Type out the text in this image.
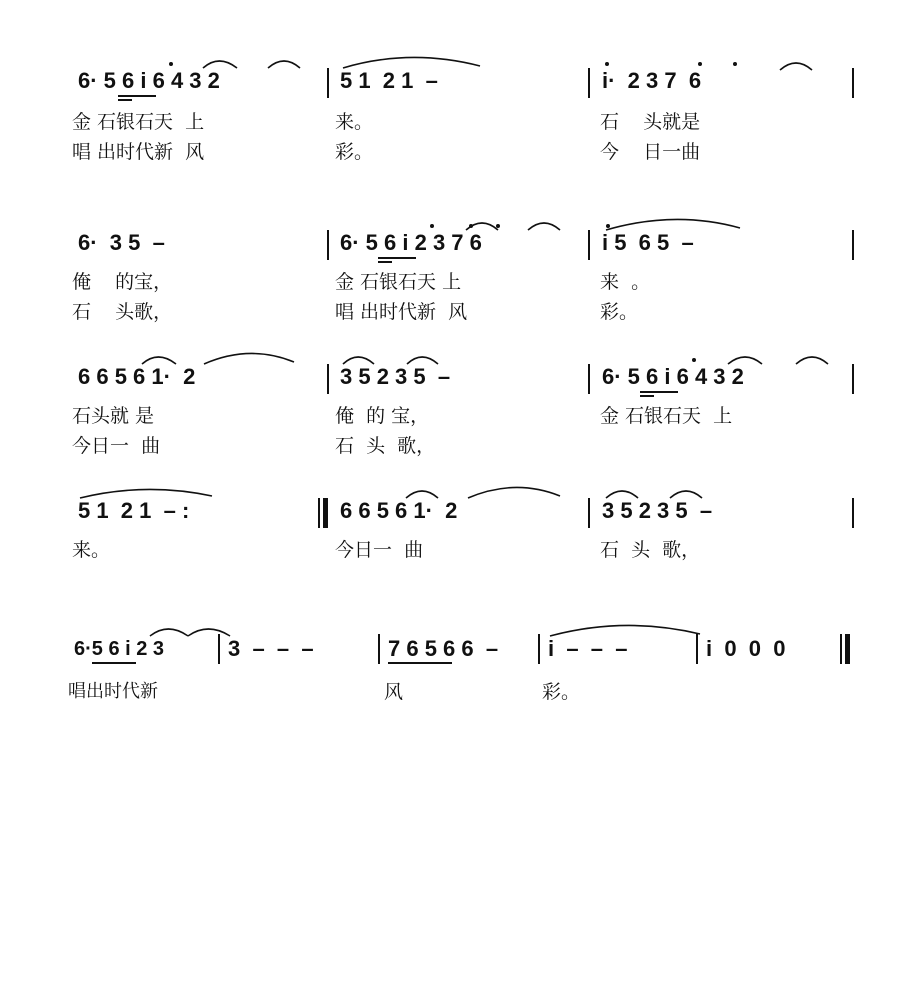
6· 5 6 i 6 4 3 2	5 1  2 1  –	i·  2 3 7  6
金 石银石天  上	来。	石    头就是
唱 出时代新  风	彩。	今    日一曲
6·  3 5  –	6· 5 6 i 2 3 7 6	i 5  6 5  –
俺    的宝，	金 石银石天 上	来  。
石    头歌，	唱 出时代新  风	彩。
6 6 5 6 1·  2	3 5 2 3 5  –	6· 5 6 i 6 4 3 2
石头就 是	俺  的 宝，	金 石银石天  上
今日一  曲	石  头  歌，
5 1  2 1  – :	6 6 5 6 1·  2	3 5 2 3 5  –
来。	今日一  曲	石  头  歌，
6·5 6 i 2 3	3  –  –  –	7 6 5 6 6  – i  –  –  –	i  0  0  0
唱出时代新	风	彩。
